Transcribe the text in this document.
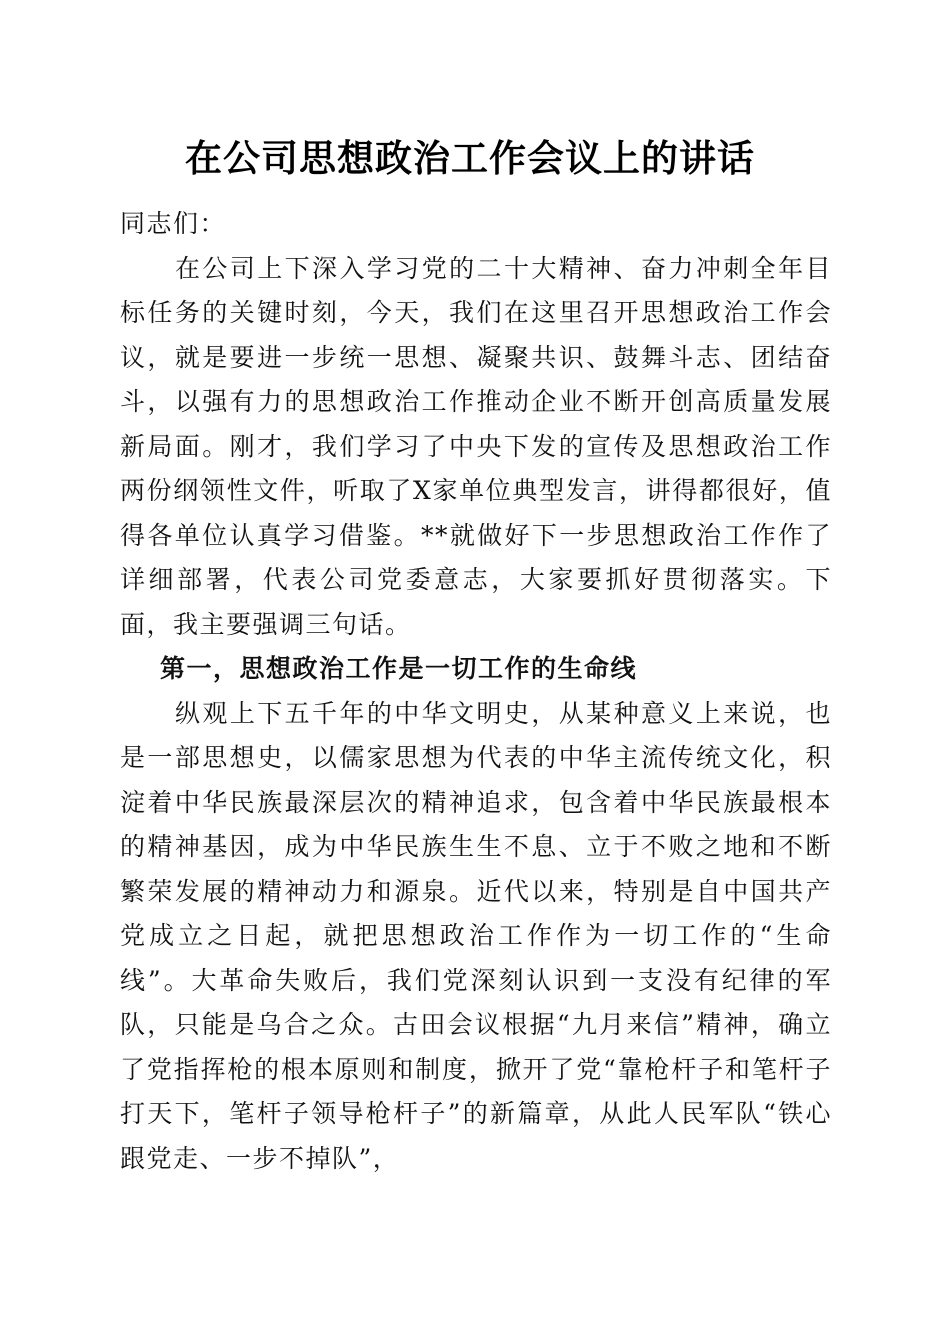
在公司思想政治工作会议上的讲话

同志们：

在公司上下深入学习党的二十大精神、奋力冲刺全年目标任务的关键时刻，今天，我们在这里召开思想政治工作会议，就是要进一步统一思想、凝聚共识、鼓舞斗志、团结奋斗，以强有力的思想政治工作推动企业不断开创高质量发展新局面。刚才，我们学习了中央下发的宣传及思想政治工作两份纲领性文件，听取了X家单位典型发言，讲得都很好，值得各单位认真学习借鉴。**就做好下一步思想政治工作作了详细部署，代表公司党委意志，大家要抓好贯彻落实。下面，我主要强调三句话。

第一，思想政治工作是一切工作的生命线

纵观上下五千年的中华文明史，从某种意义上来说，也是一部思想史，以儒家思想为代表的中华主流传统文化，积淀着中华民族最深层次的精神追求，包含着中华民族最根本的精神基因，成为中华民族生生不息、立于不败之地和不断繁荣发展的精神动力和源泉。近代以来，特别是自中国共产党成立之日起，就把思想政治工作作为一切工作的“生命线”。大革命失败后，我们党深刻认识到一支没有纪律的军队，只能是乌合之众。古田会议根据“九月来信”精神，确立了党指挥枪的根本原则和制度，掀开了党“靠枪杆子和笔杆子打天下，笔杆子领导枪杆子”的新篇章，从此人民军队“铁心跟党走、一步不掉队”，
